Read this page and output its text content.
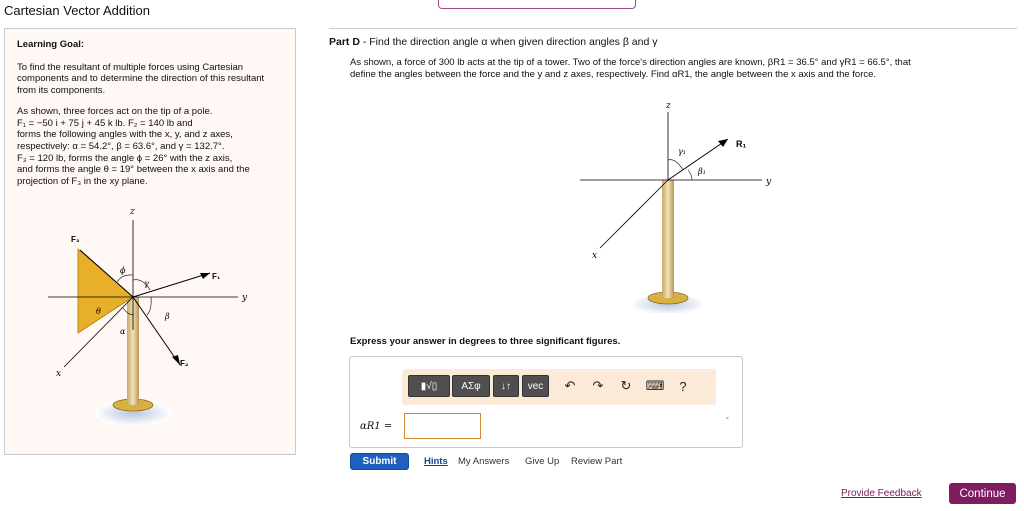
Cartesian Vector Addition
Learning Goal:
To find the resultant of multiple forces using Cartesian components and to determine the direction of this resultant from its components.
As shown, three forces act on the tip of a pole.
F₁ = −50 i + 75 j + 45 k lb. F₂ = 140 lb and
forms the following angles with the x, y, and z axes,
respectively: α = 54.2°, β = 63.6°, and γ = 132.7°.
F₃ = 120 lb, forms the angle ϕ = 26° with the z axis,
and forms the angle θ = 19° between the x axis and the
projection of F₃ in the xy plane.
z
y
x
F₁
F₂
F₃
ϕ
γ
β
θ
α
Part D - Find the direction angle α when given direction angles β and γ
As shown, a force of 300 lb acts at the tip of a tower. Two of the force's direction angles are known, βR1 = 36.5° and γR1 = 66.5°, that
define the angles between the force and the y and z axes, respectively. Find αR1, the angle between the x axis and the force.
z
y
x
R₁
γ₁
β₁
Express your answer in degrees to three significant figures.
▮√▯	ΑΣφ	↓↑	vec	↶	↷	↻	⌨	?
αR1 =
°
Submit	Hints My Answers Give Up Review Part
Provide Feedback	Continue
